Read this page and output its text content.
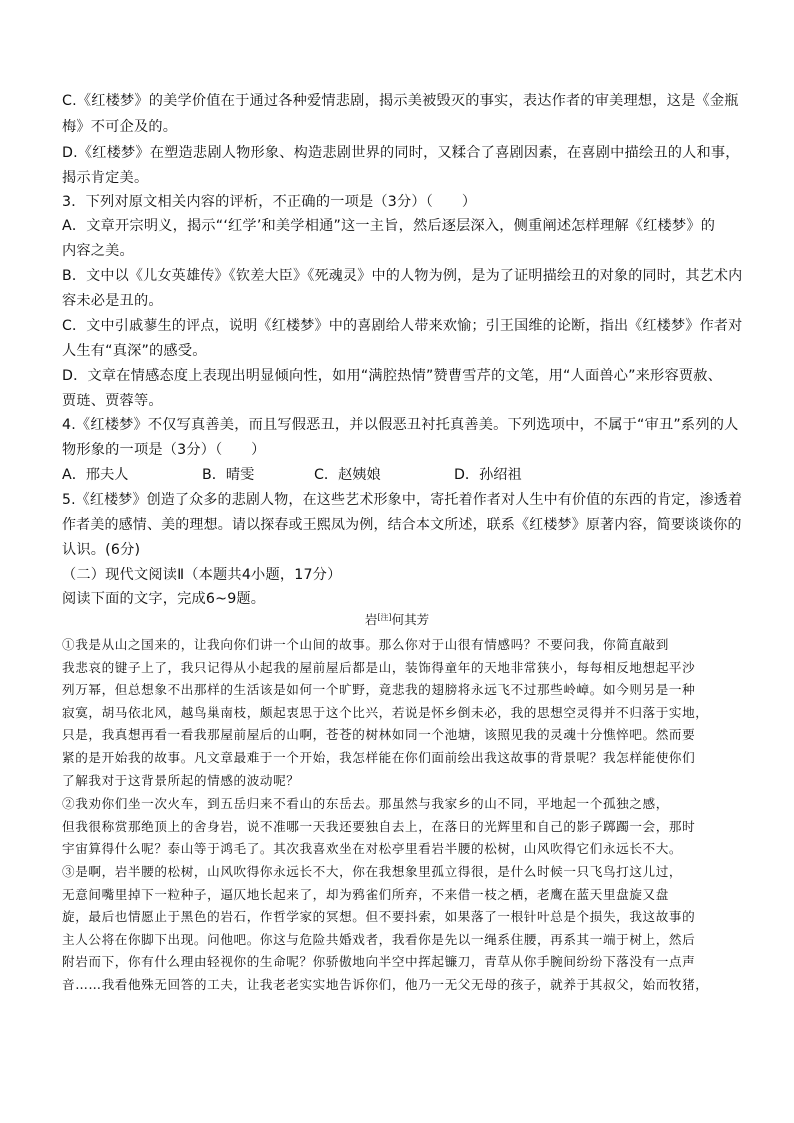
C.《红楼梦》的美学价值在于通过各种爱情悲剧，揭示美被毁灭的事实，表达作者的审美理想，这是《金瓶
梅》不可企及的。
D.《红楼梦》在塑造悲剧人物形象、构造悲剧世界的同时，又糅合了喜剧因素，在喜剧中描绘丑的人和事，
揭示肯定美。
3．下列对原文相关内容的评析，不正确的一项是（3分）（　　）
A．文章开宗明义，揭示“‘红学’和美学相通”这一主旨，然后逐层深入，侧重阐述怎样理解《红楼梦》的
内容之美。
B．文中以《儿女英雄传》《钦差大臣》《死魂灵》中的人物为例，是为了证明描绘丑的对象的同时，其艺术内
容未必是丑的。
C．文中引戚蓼生的评点，说明《红楼梦》中的喜剧给人带来欢愉；引王国维的论断，指出《红楼梦》作者对
人生有“真深”的感受。
D．文章在情感态度上表现出明显倾向性，如用“满腔热情”赞曹雪芹的文笔，用“人面兽心”来形容贾赦、
贾琏、贾蓉等。
4.《红楼梦》不仅写真善美，而且写假恶丑，并以假恶丑衬托真善美。下列选项中，不属于“审丑”系列的人
物形象的一项是（3分）（　　）
A．邢夫人	B．晴雯	C．赵姨娘	D．孙绍祖
5.《红楼梦》创造了众多的悲剧人物，在这些艺术形象中，寄托着作者对人生中有价值的东西的肯定，渗透着
作者美的感情、美的理想。请以探春或王熙凤为例，结合本文所述，联系《红楼梦》原著内容，简要谈谈你的
认识。(6分)
（二）现代文阅读Ⅱ（本题共4小题，17分）
阅读下面的文字，完成6~9题。
岩[注]何其芳
①我是从山之国来的，让我向你们讲一个山间的故事。那么你对于山很有情感吗？不要问我，你简直敲到
我悲哀的键子上了，我只记得从小起我的屋前屋后都是山，装饰得童年的天地非常狭小，每每相反地想起平沙
列万幂，但总想象不出那样的生活该是如何一个旷野，竟悲我的翅膀将永远飞不过那些岭嶂。如今则另是一种
寂寞，胡马依北风，越鸟巢南枝，颇起衷思于这个比兴，若说是怀乡倒未必，我的思想空灵得并不归落于实地，
只是，我真想再看一看我那屋前屋后的山啊，苍苍的树林如同一个池塘，该照见我的灵魂十分憔悴吧。然而要
紧的是开始我的故事。凡文章最难于一个开始，我怎样能在你们面前绘出我这故事的背景呢？我怎样能使你们
了解我对于这背景所起的情感的波动呢？
②我劝你们坐一次火车，到五岳归来不看山的东岳去。那虽然与我家乡的山不同，平地起一个孤独之感，
但我很称赏那绝顶上的舍身岩，说不准哪一天我还要独自去上，在落日的光辉里和自己的影子踯躅一会，那时
宇宙算得什么呢？泰山等于鸿毛了。其次我喜欢坐在对松亭里看岩半腰的松树，山风吹得它们永远长不大。
③是啊，岩半腰的松树，山风吹得你永远长不大，你在我想象里孤立得很，是什么时候一只飞鸟打这儿过，
无意间嘴里掉下一粒种子，逼仄地长起来了，却为鸦雀们所弃，不来借一枝之栖，老鹰在蓝天里盘旋又盘
旋，最后也情愿止于黑色的岩石，作哲学家的冥想。但不要抖索，如果落了一根针叶总是个损失，我这故事的
主人公将在你脚下出现。问他吧。你这与危险共婚戏者，我看你是先以一绳系住腰，再系其一端于树上，然后
附岩而下，你有什么理由轻视你的生命呢？你骄傲地向半空中挥起镰刀，青草从你手腕间纷纷下落没有一点声
音……我看他殊无回答的工夫，让我老老实实地告诉你们，他乃一无父无母的孩子，就养于其叔父，始而牧猪，
